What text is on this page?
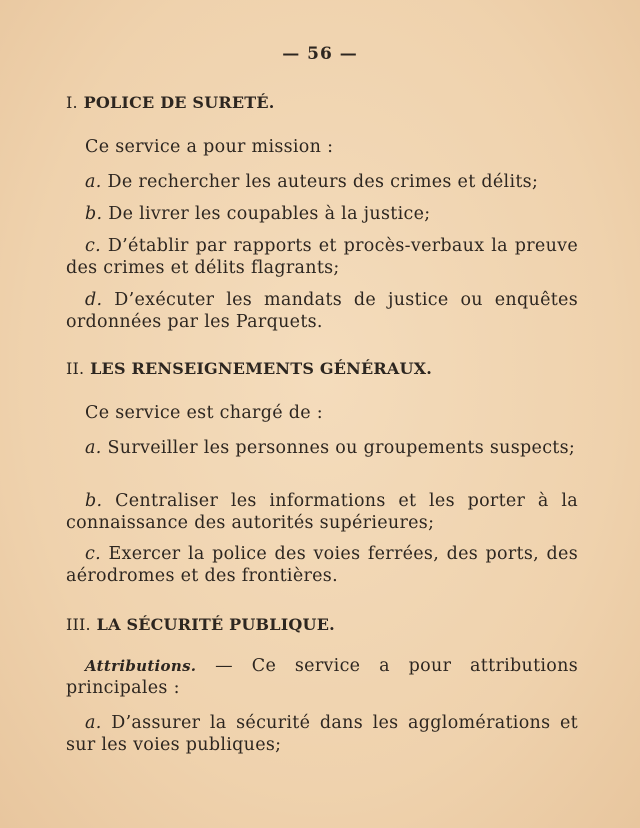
— 56 —
I. POLICE DE SURETÉ.
Ce service a pour mission :
a. De rechercher les auteurs des crimes et délits;
b. De livrer les coupables à la justice;
c. D’établir par rapports et procès-verbaux la preuve des crimes et délits flagrants;
d. D’exécuter les mandats de justice ou enquêtes ordonnées par les Parquets.
II. LES RENSEIGNEMENTS GÉNÉRAUX.
Ce service est chargé de :
a. Surveiller les personnes ou groupements suspects;
b. Centraliser les informations et les porter à la connaissance des autorités supérieures;
c. Exercer la police des voies ferrées, des ports, des aérodromes et des frontières.
III. LA SÉCURITÉ PUBLIQUE.
Attributions. — Ce service a pour attributions principales :
a. D’assurer la sécurité dans les agglomérations et sur les voies publiques;
